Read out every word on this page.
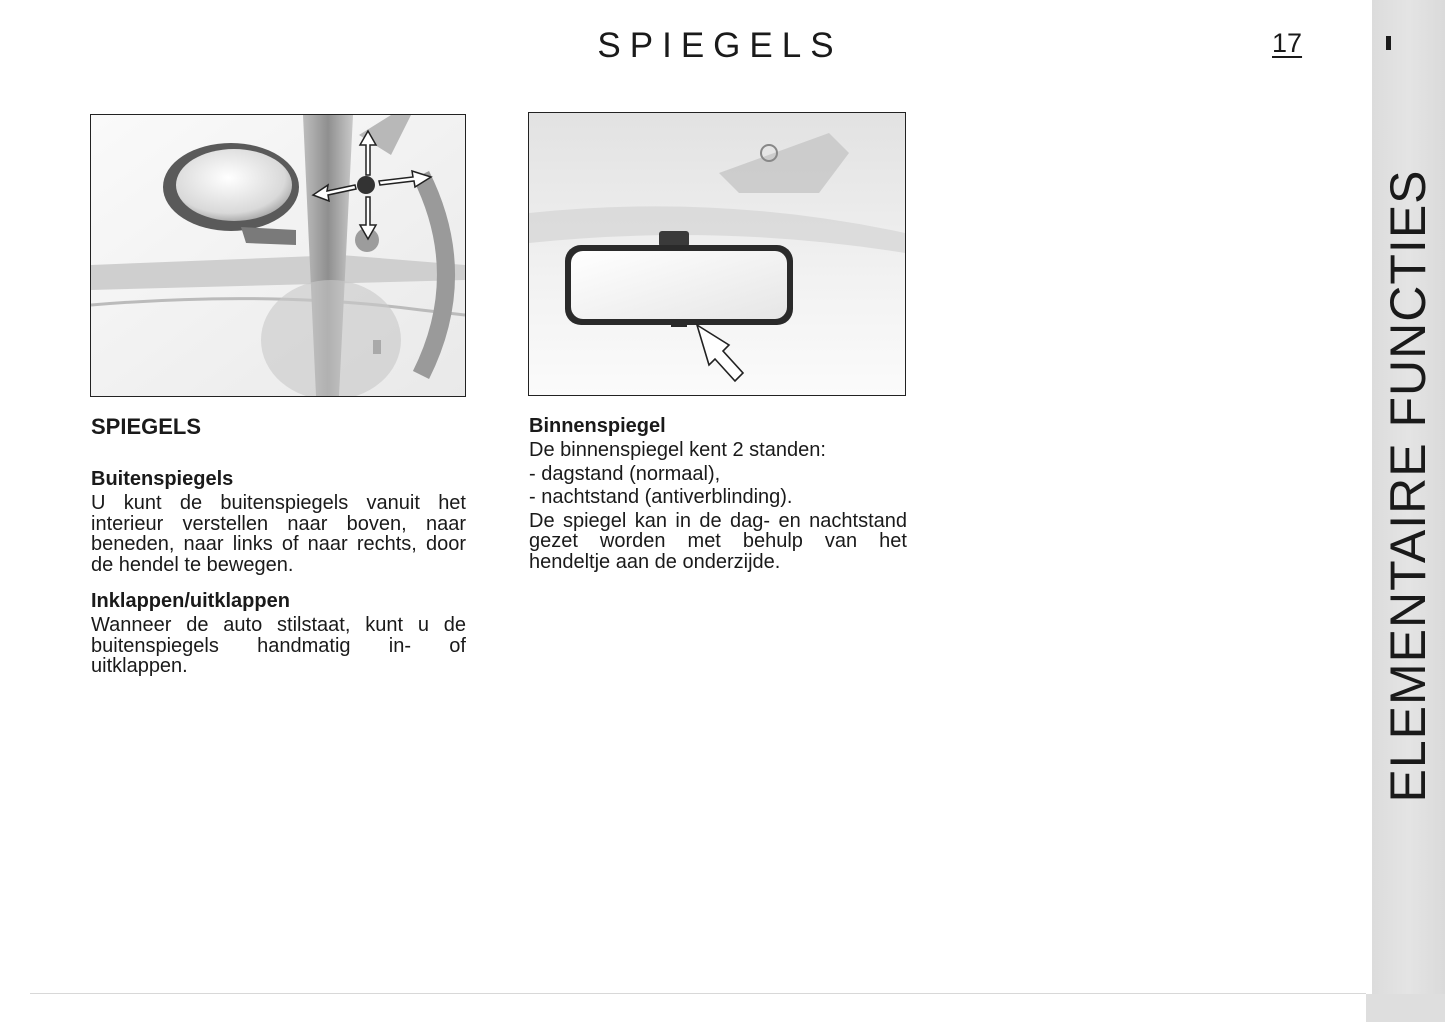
SPIEGELS	17
ELEMENTAIRE FUNCTIES
SPIEGELS
Buitenspiegels

U kunt de buitenspiegels vanuit het interieur verstellen naar boven, naar beneden, naar links of naar rechts, door de hendel te bewegen.

Inklappen/uitklappen

Wanneer de auto stilstaat, kunt u de buitenspiegels handmatig in- of uitklappen.

Binnenspiegel

De binnenspiegel kent 2 standen:

- dagstand (normaal),

- nachtstand (antiverblinding).

De spiegel kan in de dag- en nachtstand gezet worden met behulp van het hendeltje aan de onderzijde.
